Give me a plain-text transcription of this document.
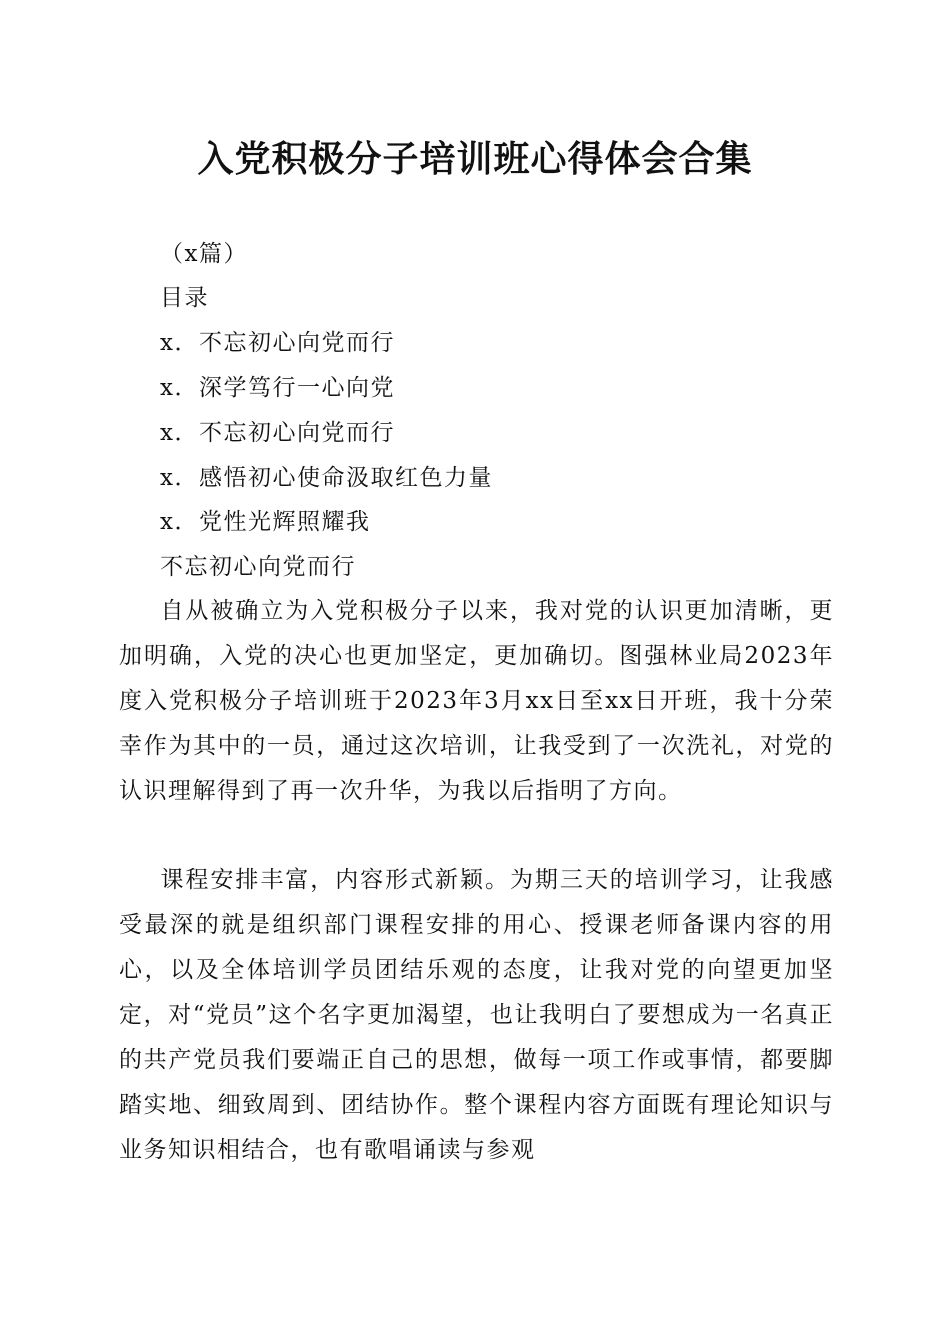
入党积极分子培训班心得体会合集
（x篇）
目录
x．不忘初心向党而行
x．深学笃行一心向党
x．不忘初心向党而行
x．感悟初心使命汲取红色力量
x．党性光辉照耀我
不忘初心向党而行
自从被确立为入党积极分子以来，我对党的认识更加清晰，更加明确，入党的决心也更加坚定，更加确切。图强林业局2023年度入党积极分子培训班于2023年3月xx日至xx日开班，我十分荣幸作为其中的一员，通过这次培训，让我受到了一次洗礼，对党的认识理解得到了再一次升华，为我以后指明了方向。
课程安排丰富，内容形式新颖。为期三天的培训学习，让我感受最深的就是组织部门课程安排的用心、授课老师备课内容的用心，以及全体培训学员团结乐观的态度，让我对党的向望更加坚定，对“党员”这个名字更加渴望，也让我明白了要想成为一名真正的共产党员我们要端正自己的思想，做每一项工作或事情，都要脚踏实地、细致周到、团结协作。整个课程内容方面既有理论知识与业务知识相结合，也有歌唱诵读与参观
